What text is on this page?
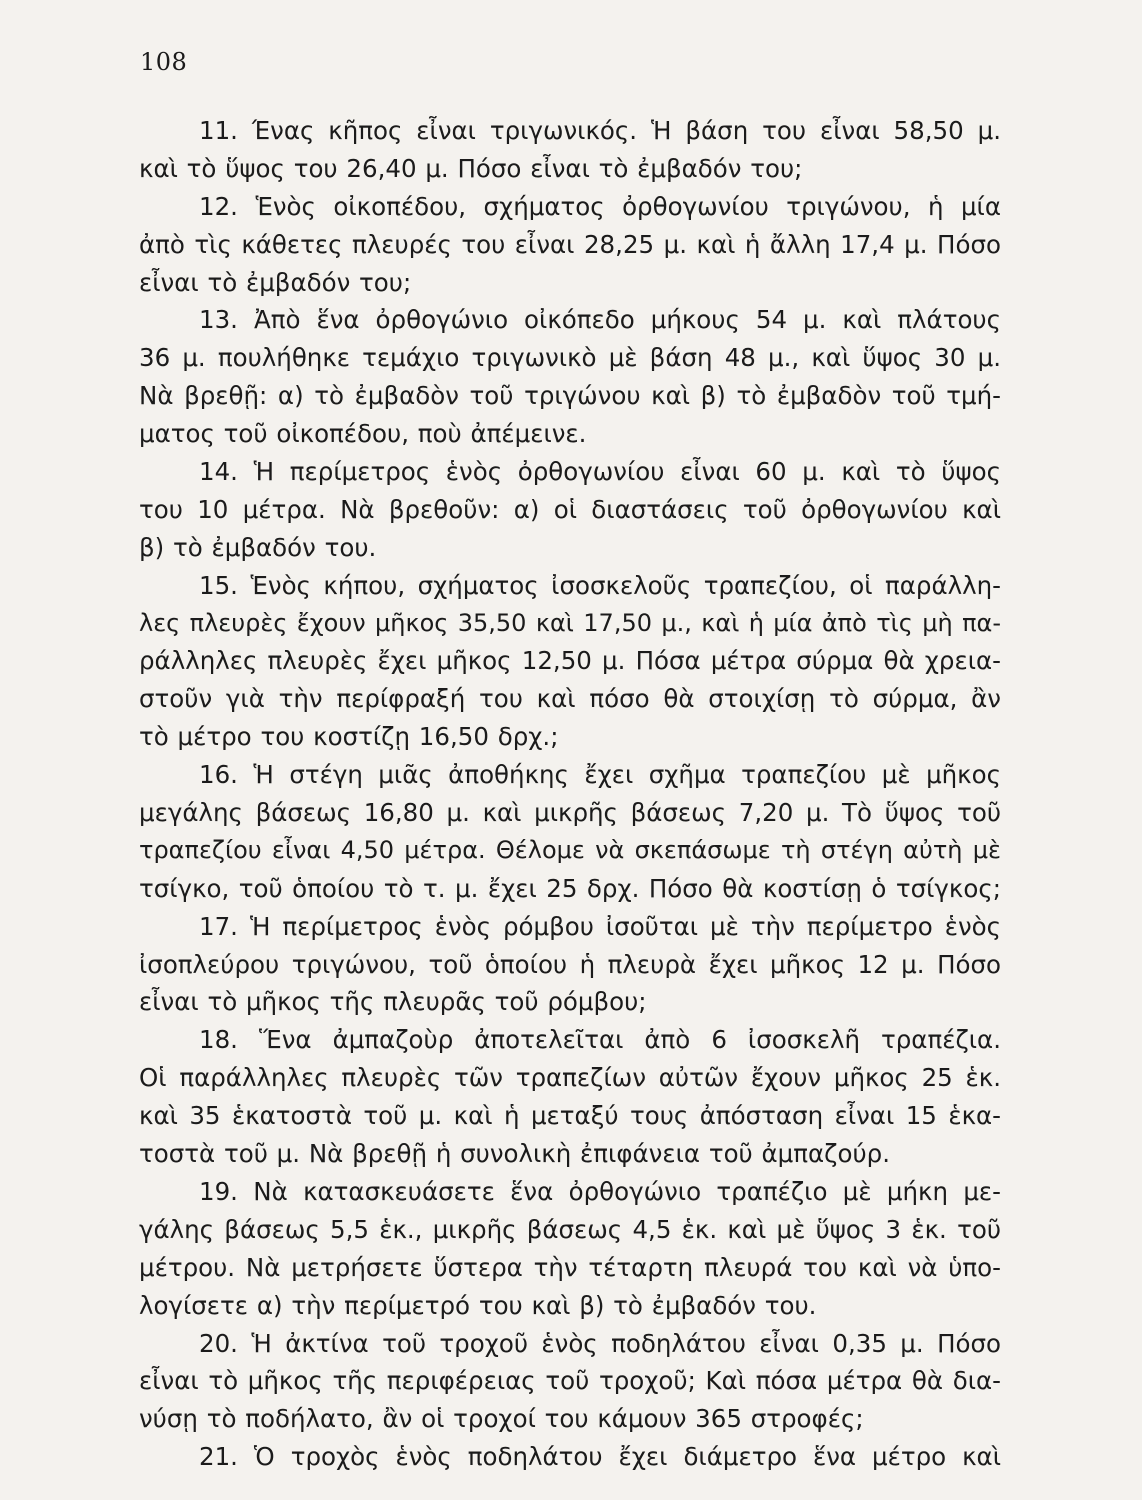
108
11. Ένας κῆπος εἶναι τριγωνικός. Ἡ βάση του εἶναι 58,50 μ.
καὶ τὸ ὕψος του 26,40 μ. Πόσο εἶναι τὸ ἐμβαδόν του;
12. Ἑνὸς οἰκοπέδου, σχήματος ὀρθογωνίου τριγώνου, ἡ μία
ἀπὸ τὶς κάθετες πλευρές του εἶναι 28,25 μ. καὶ ἡ ἄλλη 17,4 μ. Πόσο
εἶναι τὸ ἐμβαδόν του;
13. Ἀπὸ ἕνα ὀρθογώνιο οἰκόπεδο μήκους 54 μ. καὶ πλάτους
36 μ. πουλήθηκε τεμάχιο τριγωνικὸ μὲ βάση 48 μ., καὶ ὕψος 30 μ.
Νὰ βρεθῇ: α) τὸ ἐμβαδὸν τοῦ τριγώνου καὶ β) τὸ ἐμβαδὸν τοῦ τμή-
ματος τοῦ οἰκοπέδου, ποὺ ἀπέμεινε.
14. Ἡ περίμετρος ἑνὸς ὀρθογωνίου εἶναι 60 μ. καὶ τὸ ὕψος
του 10 μέτρα. Νὰ βρεθοῦν: α) οἱ διαστάσεις τοῦ ὀρθογωνίου καὶ
β) τὸ ἐμβαδόν του.
15. Ἑνὸς κήπου, σχήματος ἰσοσκελοῦς τραπεζίου, οἱ παράλλη-
λες πλευρὲς ἔχουν μῆκος 35,50 καὶ 17,50 μ., καὶ ἡ μία ἀπὸ τὶς μὴ πα-
ράλληλες πλευρὲς ἔχει μῆκος 12,50 μ. Πόσα μέτρα σύρμα θὰ χρεια-
στοῦν γιὰ τὴν περίφραξή του καὶ πόσο θὰ στοιχίσῃ τὸ σύρμα, ἂν
τὸ μέτρο του κοστίζῃ 16,50 δρχ.;
16. Ἡ στέγη μιᾶς ἀποθήκης ἔχει σχῆμα τραπεζίου μὲ μῆκος
μεγάλης βάσεως 16,80 μ. καὶ μικρῆς βάσεως 7,20 μ. Τὸ ὕψος τοῦ
τραπεζίου εἶναι 4,50 μέτρα. Θέλομε νὰ σκεπάσωμε τὴ στέγη αὐτὴ μὲ
τσίγκο, τοῦ ὁποίου τὸ τ. μ. ἔχει 25 δρχ. Πόσο θὰ κοστίσῃ ὁ τσίγκος;
17. Ἡ περίμετρος ἑνὸς ρόμβου ἰσοῦται μὲ τὴν περίμετρο ἑνὸς
ἰσοπλεύρου τριγώνου, τοῦ ὁποίου ἡ πλευρὰ ἔχει μῆκος 12 μ. Πόσο
εἶναι τὸ μῆκος τῆς πλευρᾶς τοῦ ρόμβου;
18. Ἕνα ἀμπαζοὺρ ἀποτελεῖται ἀπὸ 6 ἰσοσκελῆ τραπέζια.
Οἱ παράλληλες πλευρὲς τῶν τραπεζίων αὐτῶν ἔχουν μῆκος 25 ἑκ.
καὶ 35 ἑκατοστὰ τοῦ μ. καὶ ἡ μεταξύ τους ἀπόσταση εἶναι 15 ἑκα-
τοστὰ τοῦ μ. Νὰ βρεθῇ ἡ συνολικὴ ἐπιφάνεια τοῦ ἀμπαζούρ.
19. Νὰ κατασκευάσετε ἕνα ὀρθογώνιο τραπέζιο μὲ μήκη με-
γάλης βάσεως 5,5 ἑκ., μικρῆς βάσεως 4,5 ἑκ. καὶ μὲ ὕψος 3 ἑκ. τοῦ
μέτρου. Νὰ μετρήσετε ὕστερα τὴν τέταρτη πλευρά του καὶ νὰ ὑπο-
λογίσετε α) τὴν περίμετρό του καὶ β) τὸ ἐμβαδόν του.
20. Ἡ ἀκτίνα τοῦ τροχοῦ ἑνὸς ποδηλάτου εἶναι 0,35 μ. Πόσο
εἶναι τὸ μῆκος τῆς περιφέρειας τοῦ τροχοῦ; Καὶ πόσα μέτρα θὰ δια-
νύσῃ τὸ ποδήλατο, ἂν οἱ τροχοί του κάμουν 365 στροφές;
21. Ὁ τροχὸς ἑνὸς ποδηλάτου ἔχει διάμετρο ἕνα μέτρο καὶ
